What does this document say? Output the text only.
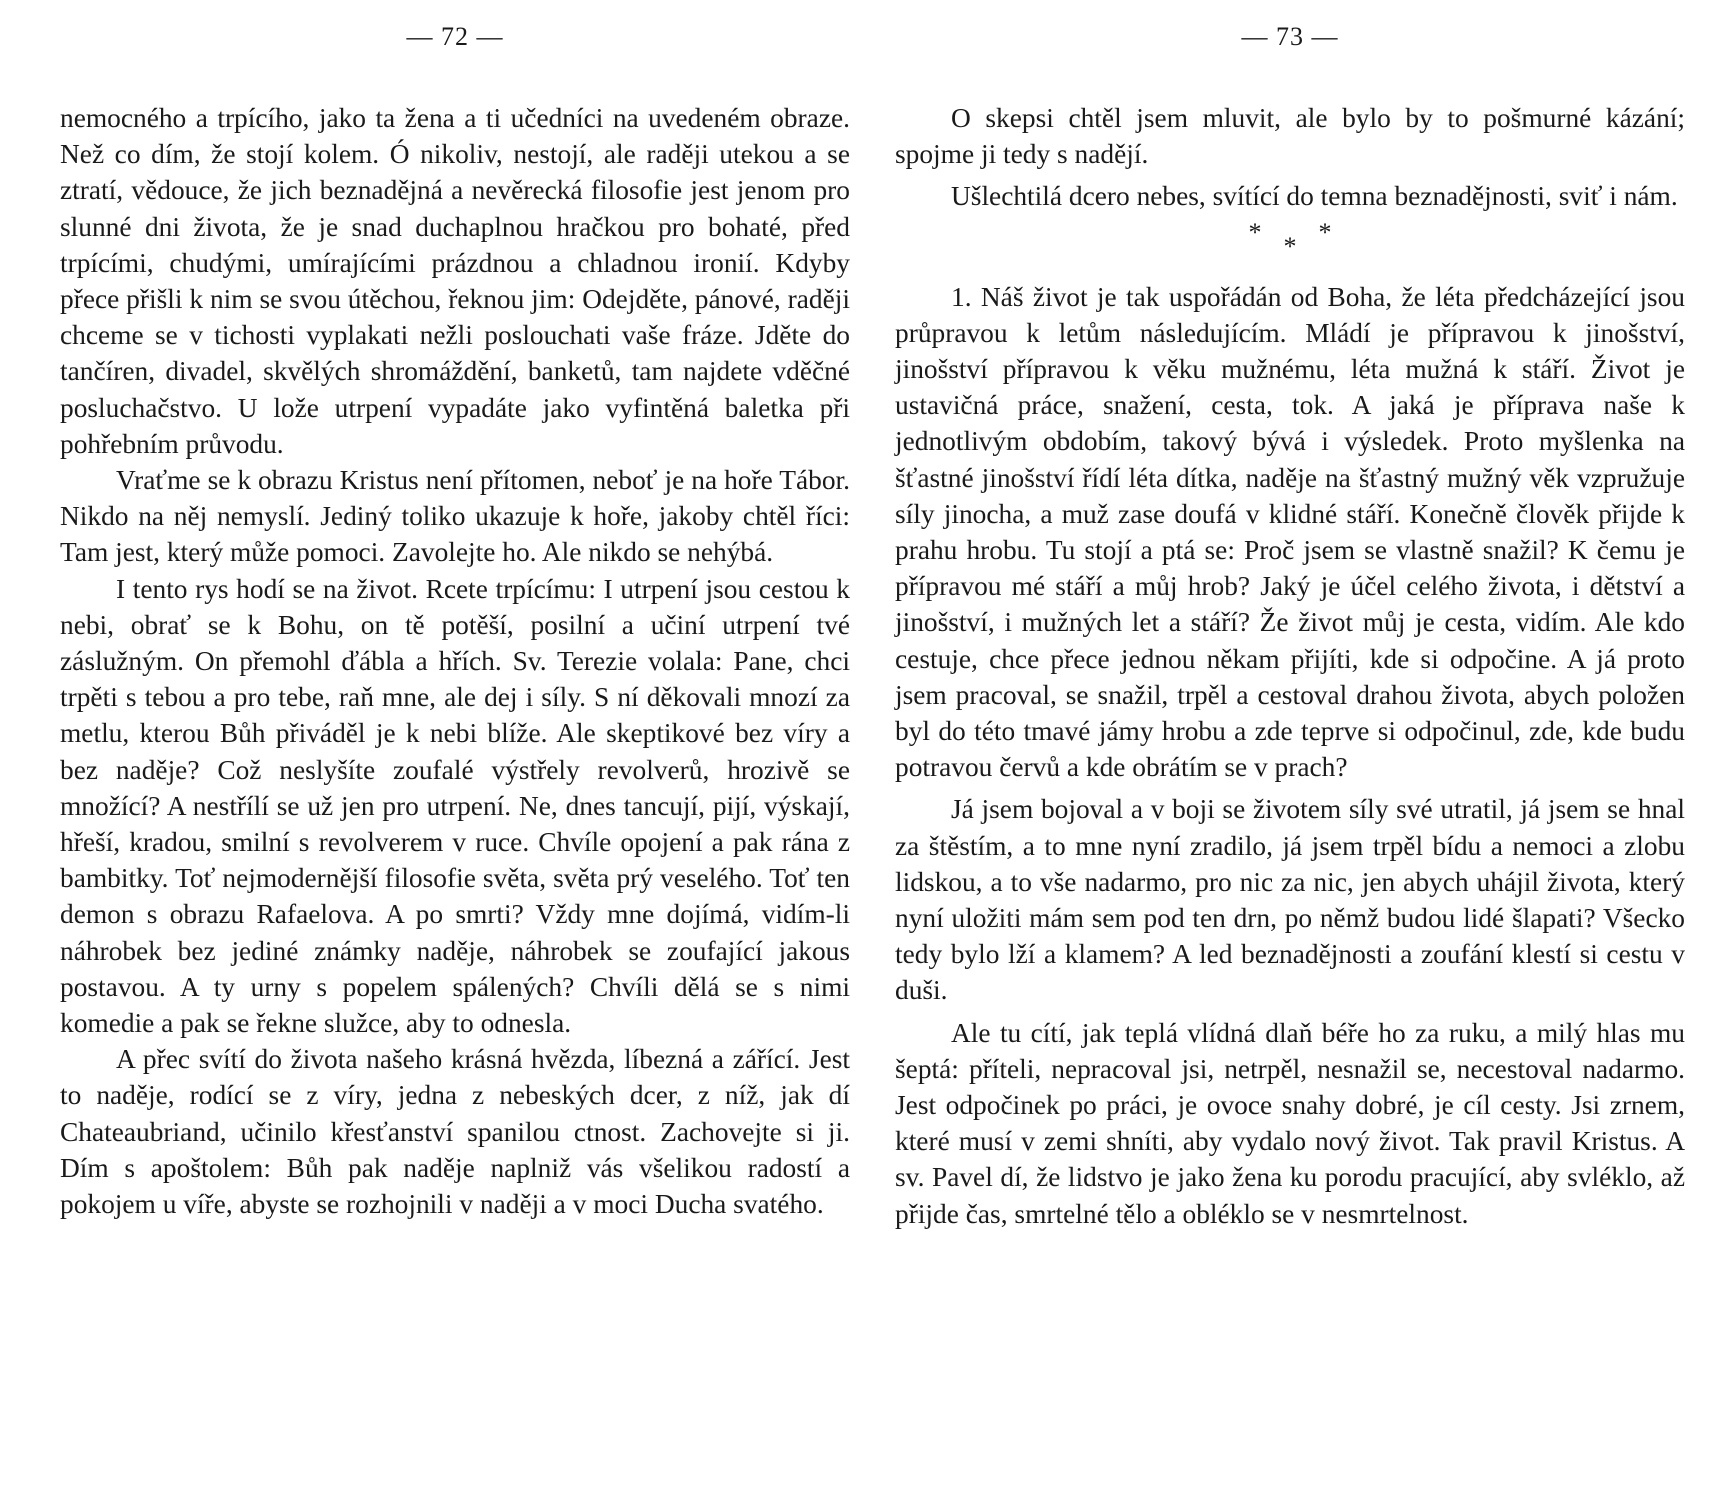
— 72 —

nemocného a trpícího, jako ta žena a ti učedníci na uvedeném obraze. Než co dím, že stojí kolem. Ó nikoliv, nestojí, ale raději utekou a se ztratí, vědouce, že jich beznadějná a nevěrecká filosofie jest jenom pro slunné dni života, že je snad duchaplnou hračkou pro bohaté, před trpícími, chudými, umírajícími prázdnou a chladnou ironií. Kdyby přece přišli k nim se svou útěchou, řeknou jim: Odejděte, pánové, raději chceme se v tichosti vyplakati nežli poslouchati vaše fráze. Jděte do tančíren, divadel, skvělých shromáždění, banketů, tam najdete vděčné posluchačstvo. U lože utrpení vypadáte jako vyfintěná baletka při pohřebním průvodu.

Vraťme se k obrazu Kristus není přítomen, neboť je na hoře Tábor. Nikdo na něj nemyslí. Jediný toliko ukazuje k hoře, jakoby chtěl říci: Tam jest, který může pomoci. Zavolejte ho. Ale nikdo se nehýbá.

I tento rys hodí se na život. Rcete trpícímu: I utrpení jsou cestou k nebi, obrať se k Bohu, on tě potěší, posilní a učiní utrpení tvé záslužným. On přemohl ďábla a hřích. Sv. Terezie volala: Pane, chci trpěti s tebou a pro tebe, raň mne, ale dej i síly. S ní děkovali mnozí za metlu, kterou Bůh přiváděl je k nebi blíže. Ale skeptikové bez víry a bez naděje? Což neslyšíte zoufalé výstřely revolverů, hrozivě se množící? A nestřílí se už jen pro utrpení. Ne, dnes tancují, pijí, výskají, hřeší, kradou, smilní s revolverem v ruce. Chvíle opojení a pak rána z bambitky. Toť nejmodernější filosofie světa, světa prý veselého. Toť ten demon s obrazu Rafaelova. A po smrti? Vždy mne dojímá, vidím-li náhrobek bez jediné známky naděje, náhrobek se zoufající jakous postavou. A ty urny s popelem spálených? Chvíli dělá se s nimi komedie a pak se řekne služce, aby to odnesla.

A přec svítí do života našeho krásná hvězda, líbezná a zářící. Jest to naděje, rodící se z víry, jedna z nebeských dcer, z níž, jak dí Chateaubriand, učinilo křesťanství spanilou ctnost. Zachovejte si ji. Dím s apoštolem: Bůh pak naděje naplniž vás všelikou radostí a pokojem u víře, abyste se rozhojnili v naději a v moci Ducha svatého.

— 73 —

O skepsi chtěl jsem mluvit, ale bylo by to pošmurné kázání; spojme ji tedy s nadějí.

Ušlechtilá dcero nebes, svítící do temna beznadějnosti, sviť i nám.

* * *

1. Náš život je tak uspořádán od Boha, že léta předcházející jsou průpravou k letům následujícím. Mládí je přípravou k jinošství, jinošství přípravou k věku mužnému, léta mužná k stáří. Život je ustavičná práce, snažení, cesta, tok. A jaká je příprava naše k jednotlivým obdobím, takový bývá i výsledek. Proto myšlenka na šťastné jinošství řídí léta dítka, naděje na šťastný mužný věk vzpružuje síly jinocha, a muž zase doufá v klidné stáří. Konečně člověk přijde k prahu hrobu. Tu stojí a ptá se: Proč jsem se vlastně snažil? K čemu je přípravou mé stáří a můj hrob? Jaký je účel celého života, i dětství a jinošství, i mužných let a stáří? Že život můj je cesta, vidím. Ale kdo cestuje, chce přece jednou někam přijíti, kde si odpočine. A já proto jsem pracoval, se snažil, trpěl a cestoval drahou života, abych položen byl do této tmavé jámy hrobu a zde teprve si odpočinul, zde, kde budu potravou červů a kde obrátím se v prach?

Já jsem bojoval a v boji se životem síly své utratil, já jsem se hnal za štěstím, a to mne nyní zradilo, já jsem trpěl bídu a nemoci a zlobu lidskou, a to vše nadarmo, pro nic za nic, jen abych uhájil života, který nyní uložiti mám sem pod ten drn, po němž budou lidé šlapati? Všecko tedy bylo lží a klamem? A led beznadějnosti a zoufání klestí si cestu v duši.

Ale tu cítí, jak teplá vlídná dlaň béře ho za ruku, a milý hlas mu šeptá: příteli, nepracoval jsi, netrpěl, nesnažil se, necestoval nadarmo. Jest odpočinek po práci, je ovoce snahy dobré, je cíl cesty. Jsi zrnem, které musí v zemi shníti, aby vydalo nový život. Tak pravil Kristus. A sv. Pavel dí, že lidstvo je jako žena ku porodu pracující, aby svléklo, až přijde čas, smrtelné tělo a obléklo se v nesmrtelnost.
